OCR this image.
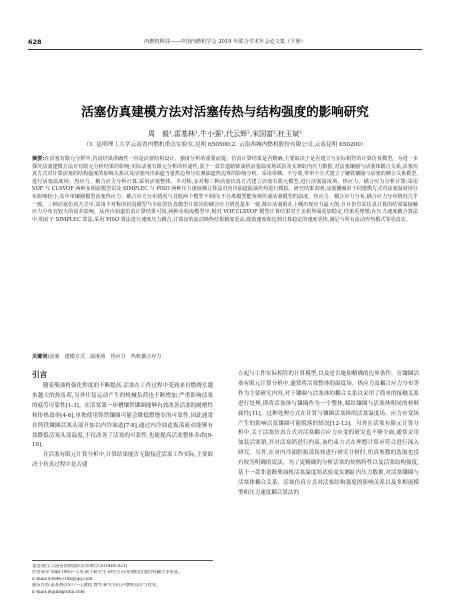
628	内燃机科技——中国内燃机学会 2019 年联合学术年会论文集（下册）
活塞仿真建模方法对活塞传热与结构强度的影响研究
周　毅¹,雷基林¹,牛小强¹,代云辉²,宋国富²,杜玉斌²
（1. 昆明理工大学云南省内燃机重点实验室,昆明 650500;2. 云南西城内燃机股份有限公司,云南昆明 650200）
摘要:在活塞有限元分析中,仿真结果准确性一直是活塞结构设计、强度分析的重要前提。仿真计算结果是否精确,主要取决于是否建立与实际相符的计算仿真模型。为进一步探究活塞建模方法对有限元分析结果的影响,实际活塞有限元分析的传递性,基于一款非道路柴油机活塞温度场试验及实测缸内压力数据,对活塞镶圈与活塞体耦合关系,活塞仿真方式对计算活塞的结构强度的影响关系以及活塞内冷油道当量热边界与实测油道热边界的影响分析。采用单侧、不分离,带单个方式建立了镶铁镶圈与活塞的耦合关系模型,进行活塞温度场、热应力、耦合应力分析计算;采用活塞整体、半对称,多对称三种活塞仿真方式建立活塞有限元模型,进行活塞温度场、热应力、耦合应力分析计算;采用 VOF 与 CLSVOF 两种多相流模型以及 SIMPLEC 与 PISO 两种压力速度耦合算法对内冷油道振荡传热进行模拟。研究结果表明,活塞镶圈的不同建模方式对活塞温度场分布影响较小,其中单镶圈模型活塞热应力、耦合应力分布情况与其他两个模型不相同;不分离模型能客观传递活塞模型的温度、热应力、耦合应力分布,耦合应力分布情况几乎一致。三种活塞仿真方式中,采用半对称的仿真模型与全缸的仿真模型计算出的耦合应力情况基本一致,都在活塞销孔上侧出现应力最大值,并且仍有采仿真计算的结果属接触应力分布有较大的误差影响。从内冷油道仿真计算结果可知,两种多相流模型中,相对 VOF,CLSVOF 模型计算结果对于多相界面更加稳定,结果更理想;在压力速度耦合算法中,相对于 SIMPLEC 算法,采用 PISO 算法进行速度压力耦合,计算出的流动换热结果精度更高,收敛速度和达到计算稳定的速度更快,满足与所有流动传热模式等更真实。
关键词:活塞　建模方式　温度场　热应力　热机耦合应力
引言

随着柴油机强化程度的不断提高,活塞在工作过程中受到来自燃烧室越来越大的热负荷,另外往复运动产生的机械负荷也不断增加,严重影响活塞的疲劳可靠性[1-3]。在活塞第一环槽镶铁镶圈能够有效改善活塞的耐磨性和传热效率[4-6],单独使用铸铁镶圈可能会降低燃烧室的可靠性,因此通常在铸铁镶圈活塞头部开加以内冷油道[7-8],通过内冷油道振荡流动能够有效降低活塞头部温度,不仅改善了活塞的可靠性,也能提高活塞整体寿命[9-10]。

在活塞有限元计算分析中,计算结果能否无限接近活塞工作实际,主要取决于仿真过程中是否建

立起与工作实际相符的计算模型,以及是否施加精确的边界条件。在镶圈活塞有限元计算分析中,通常将活塞整体的温度场、热应力及耦合应力分布等作为主要研究内容,对于镶圈与活塞体的耦合关系以采用了简单的接触关系进行处理,即将活塞体与镶圈作为一个整体,赋给镶圈与活塞体相同的材料属性[11]。这种处理方式在计算与镶圈活塞体的活塞温度场、应力应变场产生的影响以及镶圈可能脱落的情况[12-13]。另外在活塞有限元计算分析中,关于活塞仿真方式对活塞耦合应力应变的研究也不够全面,通常采用加装活塞销,并对活塞销进行约束,该约束方式在理想计算应符合进行深入研究。另外,在对内冷油腔振荡传热进行研究分析时,仿真参数的选取也没有较为明确的说法。为了更精确的分析活塞的传热特性以及活塞结构强度,基于一款非道路柴油机活塞温度场试验及实测缸内压力数据,对活塞镶圈与活塞体耦合关系、活塞仿真方式对活塞结构强度的影响关系以及多相流模型和压力速度耦合算法的

基金项目:云南省创新团队培育项目(2018HC021)
作者简介:周毅(1993—),男,硕士研究生,研究方向:柴油机活塞热机耦合等仿真。
E-mail:438463106@qq.com
通信作者:雷基林(1977—),教授,博导,研究方向:内燃机设计与优化。
E-mail:leijilin@sina.com
